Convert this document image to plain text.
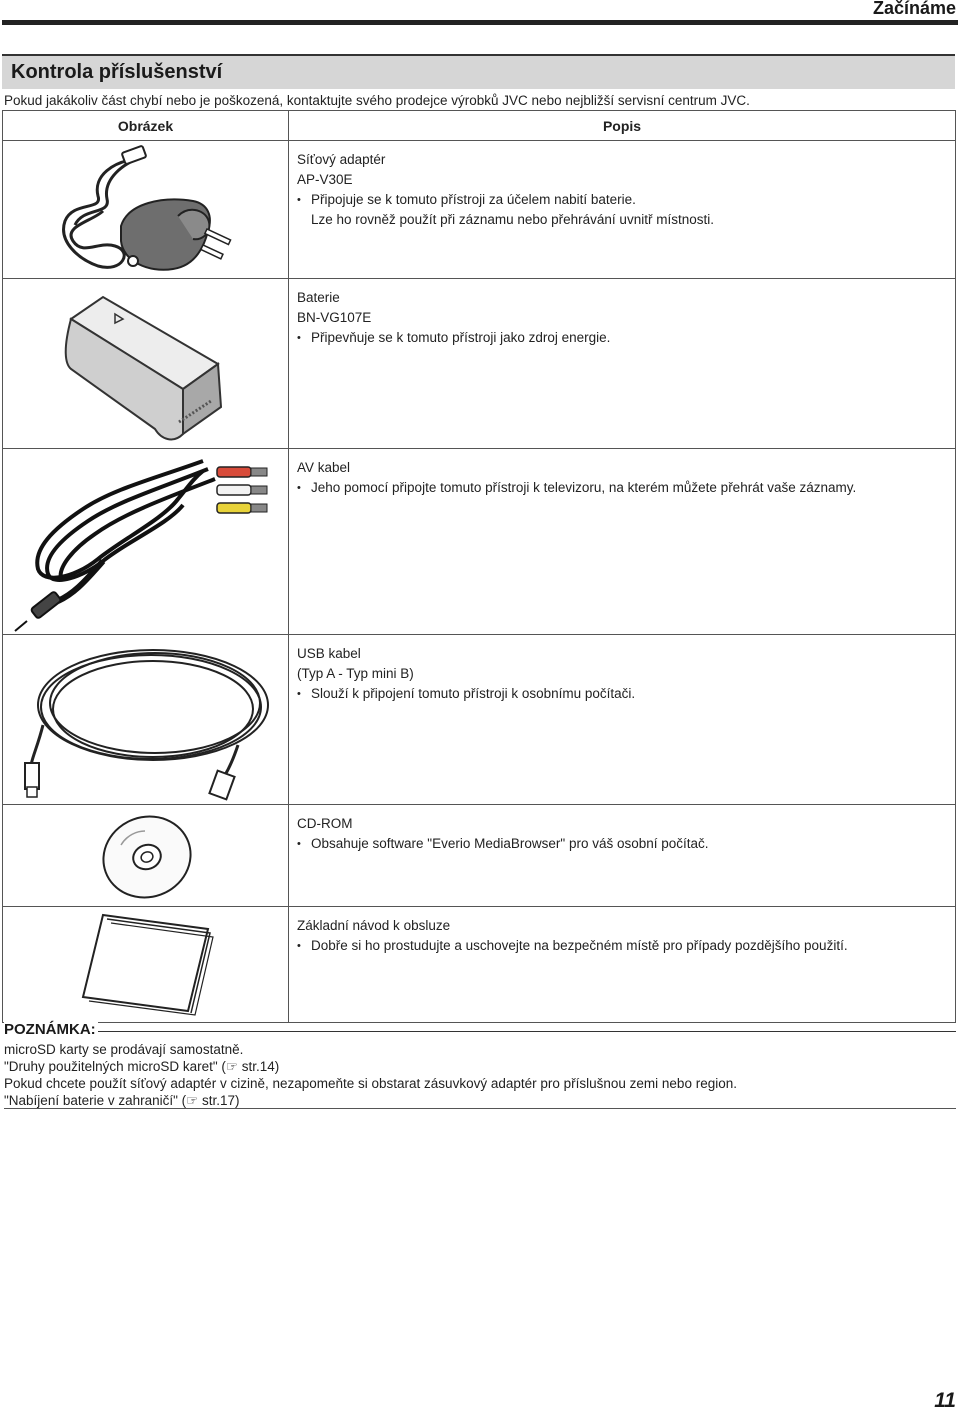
Začínáme
Kontrola příslušenství
Pokud jakákoliv část chybí nebo je poškozená, kontaktujte svého prodejce výrobků JVC nebo nejbližší servisní centrum JVC.
Obrázek	Popis

Síťový adaptér
AP-V30E
• Připojuje se k tomuto přístroji za účelem nabití baterie.
Lze ho rovněž použít při záznamu nebo přehrávání uvnitř místnosti.

Baterie
BN-VG107E
• Připevňuje se k tomuto přístroji jako zdroj energie.

AV kabel
• Jeho pomocí připojte tomuto přístroji k televizoru, na kterém můžete přehrát vaše záznamy.

USB kabel
(Typ A - Typ mini B)
• Slouží k připojení tomuto přístroji k osobnímu počítači.

CD-ROM
• Obsahuje software "Everio MediaBrowser" pro váš osobní počítač.

Základní návod k obsluze
• Dobře si ho prostudujte a uschovejte na bezpečném místě pro případy pozdějšího použití.
POZNÁMKA:
microSD karty se prodávají samostatně.
"Druhy použitelných microSD karet" (☞ str.14)
Pokud chcete použít síťový adaptér v cizině, nezapomeňte si obstarat zásuvkový adaptér pro příslušnou zemi nebo region.
"Nabíjení baterie v zahraničí" (☞ str.17)
11
